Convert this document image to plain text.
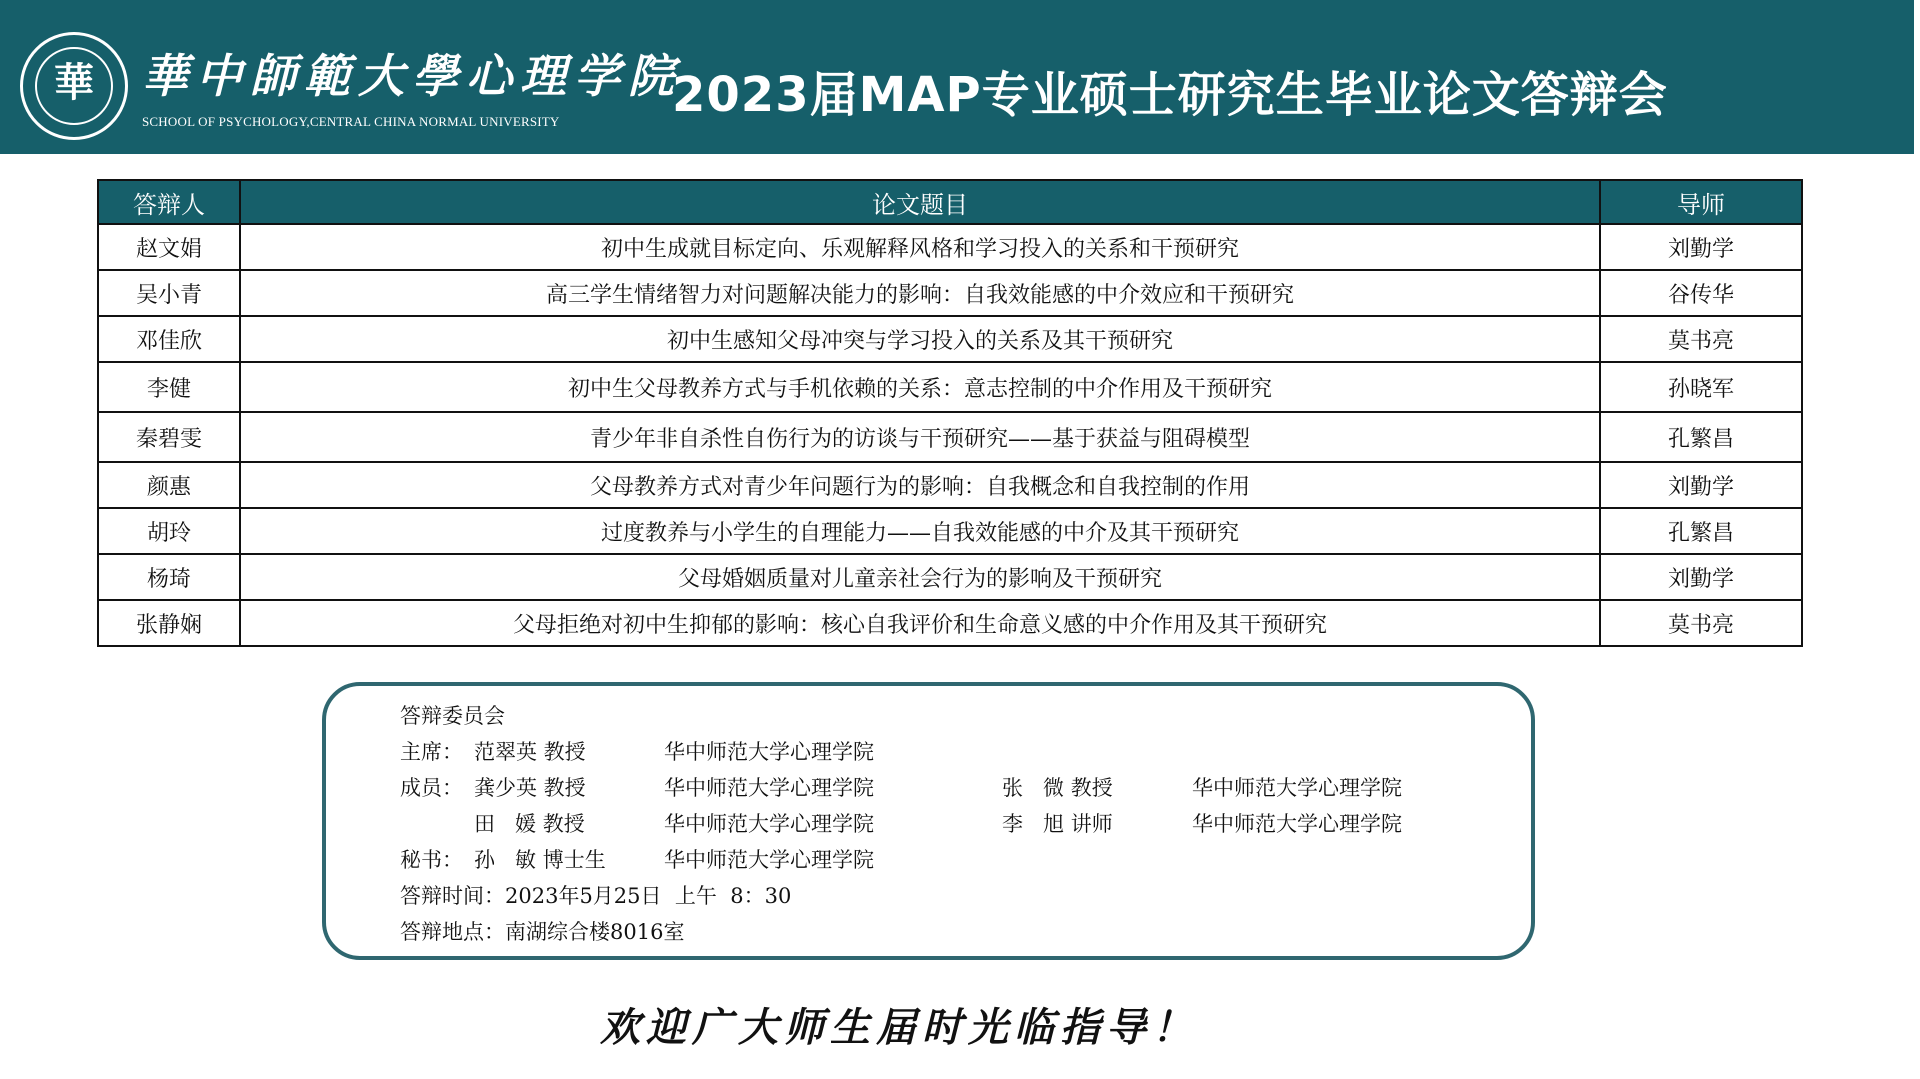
華	華中師範大學心理学院
SCHOOL OF PSYCHOLOGY,CENTRAL CHINA NORMAL UNIVERSITY 2023届MAP专业硕士研究生毕业论文答辩会
答辩人	论文题目	导师
赵文娟	初中生成就目标定向、乐观解释风格和学习投入的关系和干预研究	刘勤学
吴小青	高三学生情绪智力对问题解决能力的影响：自我效能感的中介效应和干预研究	谷传华
邓佳欣	初中生感知父母冲突与学习投入的关系及其干预研究	莫书亮
李健	初中生父母教养方式与手机依赖的关系：意志控制的中介作用及干预研究	孙晓军
秦碧雯	青少年非自杀性自伤行为的访谈与干预研究——基于获益与阻碍模型	孔繁昌
颜惠	父母教养方式对青少年问题行为的影响：自我概念和自我控制的作用	刘勤学
胡玲	过度教养与小学生的自理能力——自我效能感的中介及其干预研究	孔繁昌
杨琦	父母婚姻质量对儿童亲社会行为的影响及干预研究	刘勤学
张静娴	父母拒绝对初中生抑郁的影响：核心自我评价和生命意义感的中介作用及其干预研究	莫书亮
答辩委员会
主席： 范翠英 教授	华中师范大学心理学院
成员： 龚少英 教授	华中师范大学心理学院	张   微 教授	华中师范大学心理学院
田   媛 教授	华中师范大学心理学院	李   旭 讲师	华中师范大学心理学院
秘书： 孙   敏 博士生	华中师范大学心理学院
答辩时间：2023年5月25日  上午  8：30
答辩地点：南湖综合楼8016室
欢迎广大师生届时光临指导！
